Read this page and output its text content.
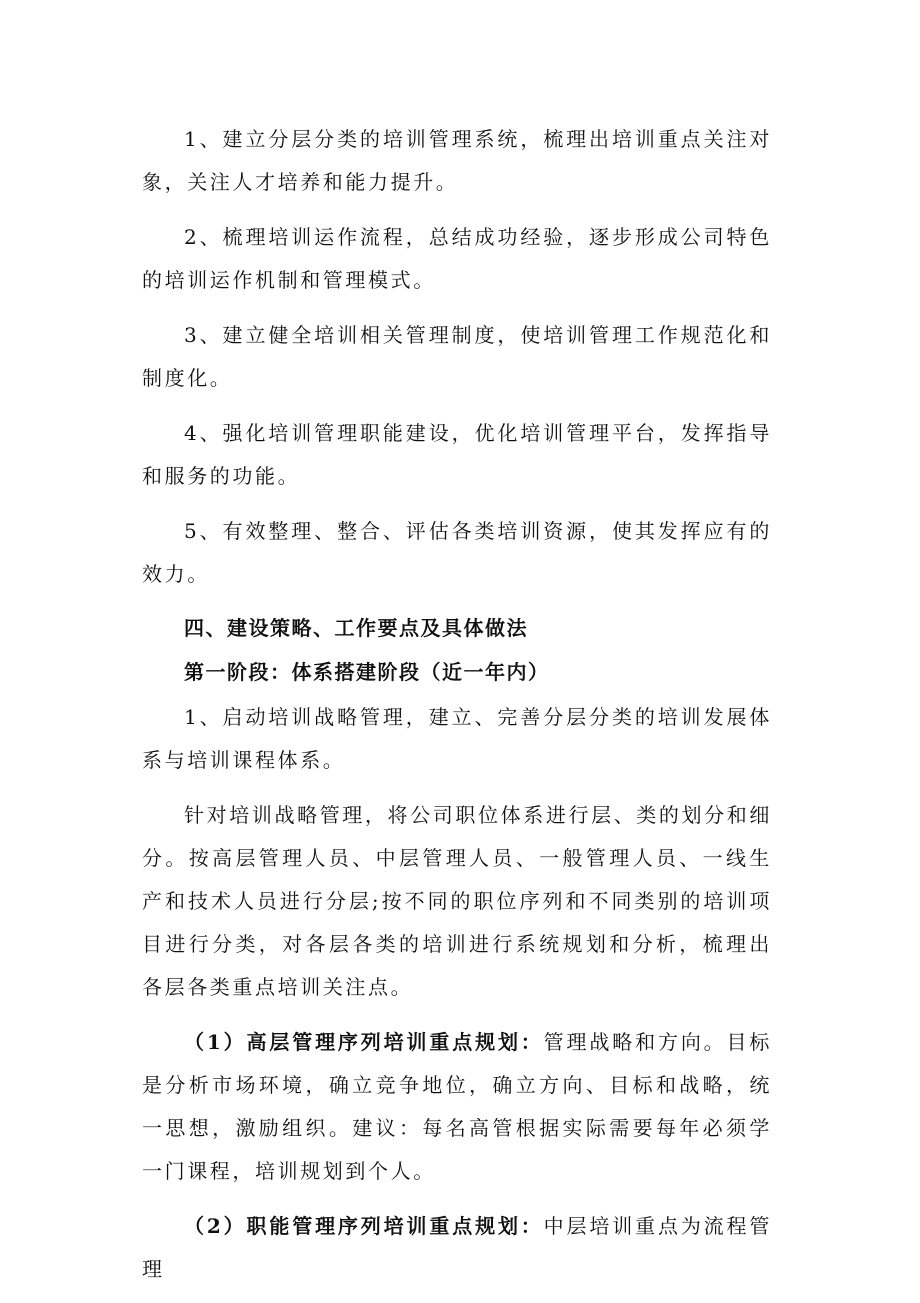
1、建立分层分类的培训管理系统，梳理出培训重点关注对象，关注人才培养和能力提升。

2、梳理培训运作流程，总结成功经验，逐步形成公司特色的培训运作机制和管理模式。

3、建立健全培训相关管理制度，使培训管理工作规范化和制度化。

4、强化培训管理职能建设，优化培训管理平台，发挥指导和服务的功能。

5、有效整理、整合、评估各类培训资源，使其发挥应有的效力。

四、建设策略、工作要点及具体做法

第一阶段：体系搭建阶段（近一年内）

1、启动培训战略管理，建立、完善分层分类的培训发展体系与培训课程体系。

针对培训战略管理，将公司职位体系进行层、类的划分和细分。按高层管理人员、中层管理人员、一般管理人员、一线生产和技术人员进行分层;按不同的职位序列和不同类别的培训项目进行分类，对各层各类的培训进行系统规划和分析，梳理出各层各类重点培训关注点。

（1）高层管理序列培训重点规划：管理战略和方向。目标是分析市场环境，确立竞争地位，确立方向、目标和战略，统一思想，激励组织。建议：每名高管根据实际需要每年必须学一门课程，培训规划到个人。

（2）职能管理序列培训重点规划：中层培训重点为流程管理
